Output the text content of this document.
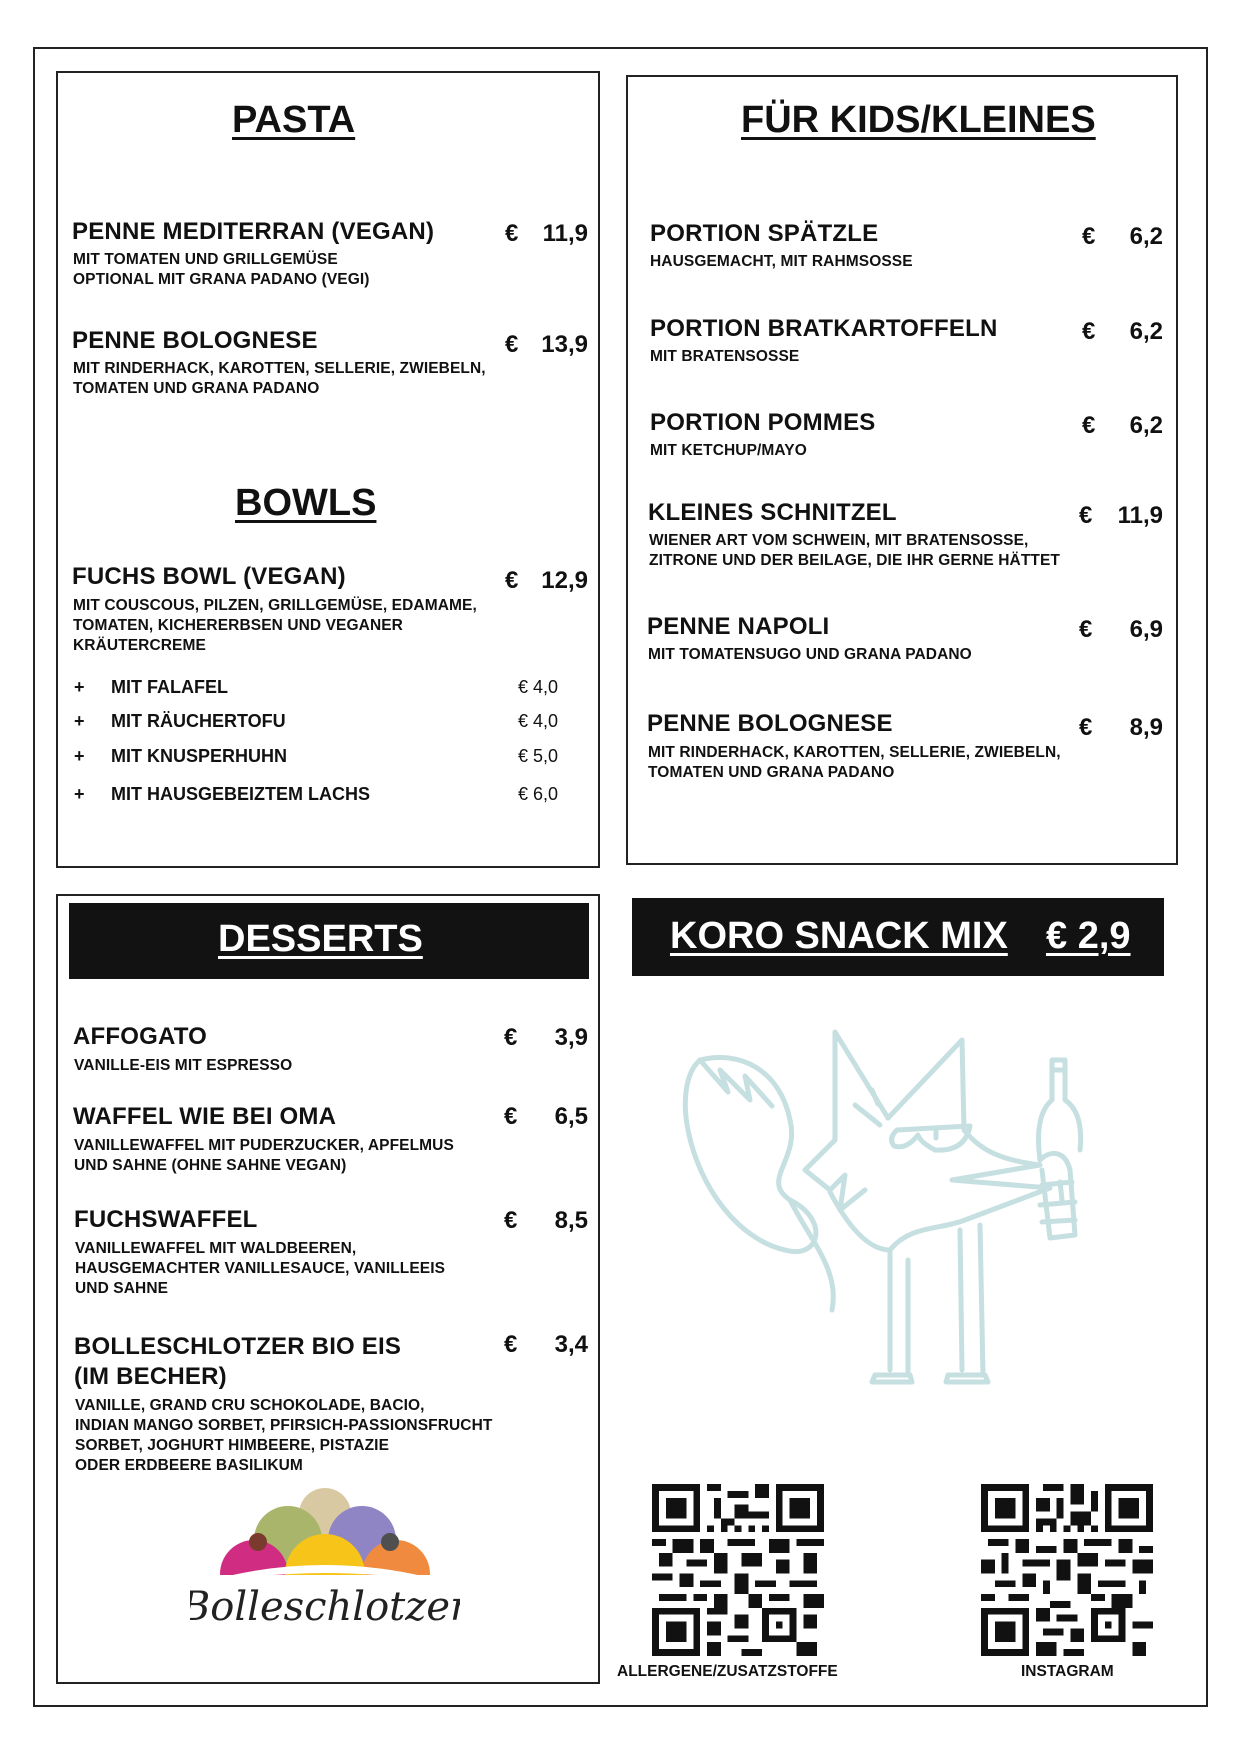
PASTA
PENNE MEDITERRAN (VEGAN)
MIT TOMATEN UND GRILLGEMÜSE
OPTIONAL MIT GRANA PADANO (VEGI)
€	11,9
PENNE BOLOGNESE
MIT RINDERHACK, KAROTTEN, SELLERIE, ZWIEBELN,
TOMATEN UND GRANA PADANO
€ 13,9
BOWLS
FUCHS BOWL (VEGAN)
MIT COUSCOUS, PILZEN, GRILLGEMÜSE, EDAMAME,
TOMATEN, KICHERERBSEN UND VEGANER
KRÄUTERCREME
€ 12,9
+ MIT FALAFEL	€ 4,0
+ MIT RÄUCHERTOFU	€ 4,0
+ MIT KNUSPERHUHN	€ 5,0
+ MIT HAUSGEBEIZTEM LACHS	€ 6,0
FÜR KIDS/KLEINES
PORTION SPÄTZLE
HAUSGEMACHT, MIT RAHMSOSSE
€	6,2
PORTION BRATKARTOFFELN
MIT BRATENSOSSE
€	6,2
PORTION POMMES
MIT KETCHUP/MAYO
€	6,2
KLEINES SCHNITZEL
WIENER ART VOM SCHWEIN, MIT BRATENSOSSE,
ZITRONE UND DER BEILAGE, DIE IHR GERNE HÄTTET
€	11,9
PENNE NAPOLI
MIT TOMATENSUGO UND GRANA PADANO
€	6,9
PENNE BOLOGNESE
MIT RINDERHACK, KAROTTEN, SELLERIE, ZWIEBELN,
TOMATEN UND GRANA PADANO
€	8,9
DESSERTS
AFFOGATO
VANILLE-EIS MIT ESPRESSO
€	3,9
WAFFEL WIE BEI OMA
VANILLEWAFFEL MIT PUDERZUCKER, APFELMUS
UND SAHNE (OHNE SAHNE VEGAN)
€	6,5
FUCHSWAFFEL
VANILLEWAFFEL MIT WALDBEEREN,
HAUSGEMACHTER VANILLESAUCE, VANILLEEIS
UND SAHNE
€	8,5
BOLLESCHLOTZER BIO EIS
(IM BECHER)
VANILLE, GRAND CRU SCHOKOLADE, BACIO,
INDIAN MANGO SORBET, PFIRSICH-PASSIONSFRUCHT
SORBET, JOGHURT HIMBEERE, PISTAZIE
ODER ERDBEERE BASILIKUM
€	3,4
Bolleschlotzer
KORO SNACK MIX € 2,9
ALLERGENE/ZUSATZSTOFFE	INSTAGRAM
